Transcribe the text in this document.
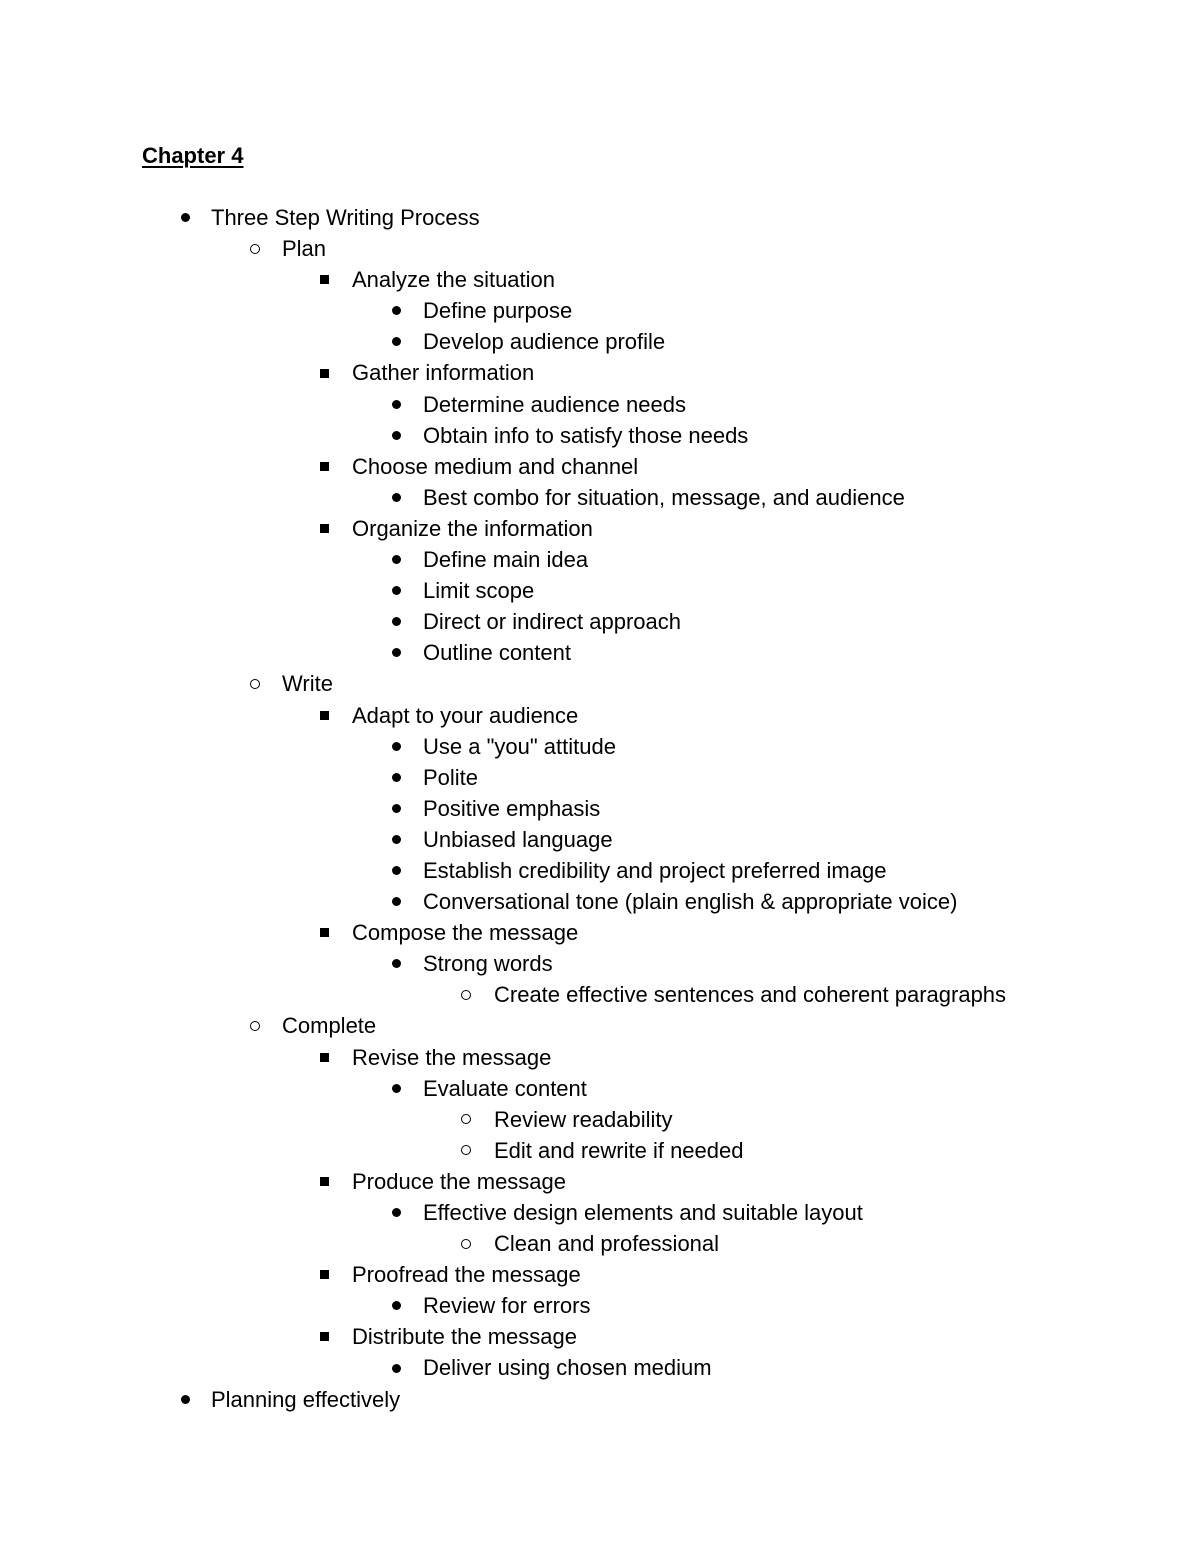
Chapter 4
Three Step Writing Process
Plan
Analyze the situation
Define purpose
Develop audience profile
Gather information
Determine audience needs
Obtain info to satisfy those needs
Choose medium and channel
Best combo for situation, message, and audience
Organize the information
Define main idea
Limit scope
Direct or indirect approach
Outline content
Write
Adapt to your audience
Use a "you" attitude
Polite
Positive emphasis
Unbiased language
Establish credibility and project preferred image
Conversational tone (plain english & appropriate voice)
Compose the message
Strong words
Create effective sentences and coherent paragraphs
Complete
Revise the message
Evaluate content
Review readability
Edit and rewrite if needed
Produce the message
Effective design elements and suitable layout
Clean and professional
Proofread the message
Review for errors
Distribute the message
Deliver using chosen medium
Planning effectively
